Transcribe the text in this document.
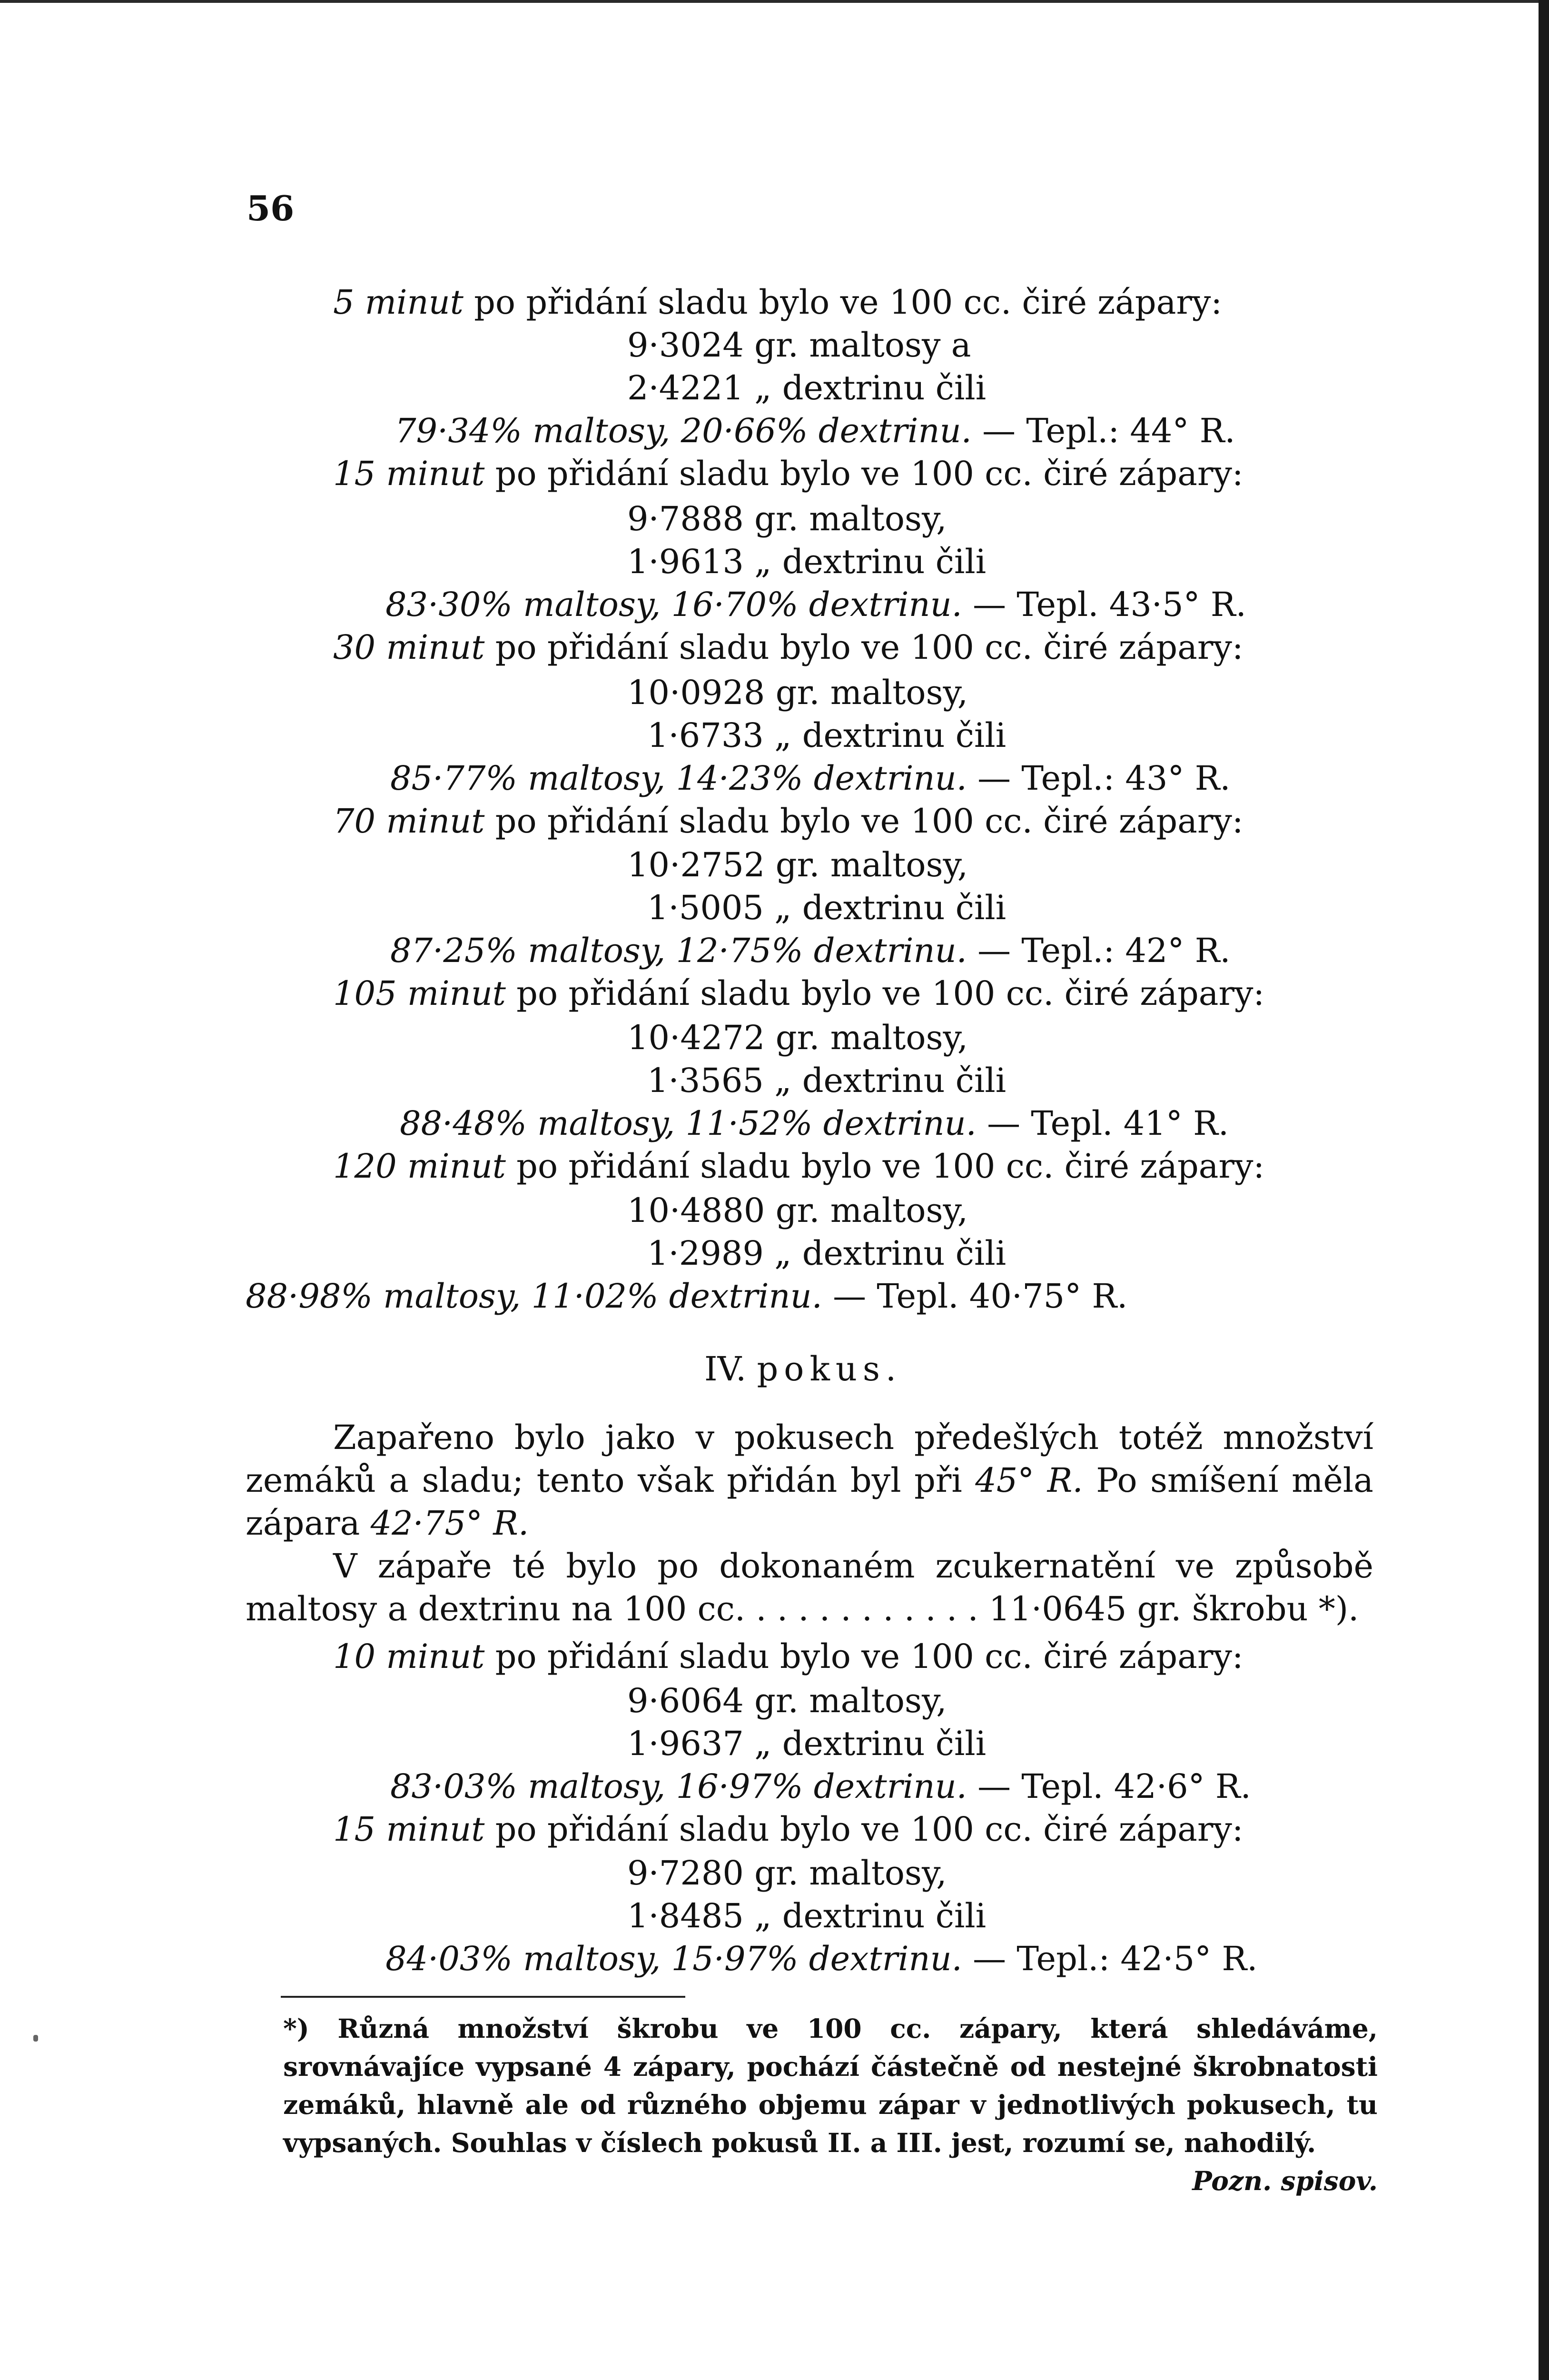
56
5 minut po přidání sladu bylo ve 100 cc. čiré zápary:
9·3024 gr. maltosy a
2·4221 „ dextrinu čili
79·34% maltosy, 20·66% dextrinu. — Tepl.: 44° R.
15 minut po přidání sladu bylo ve 100 cc. čiré zápary:
9·7888 gr. maltosy,
1·9613 „ dextrinu čili
83·30% maltosy, 16·70% dextrinu. — Tepl. 43·5° R.
30 minut po přidání sladu bylo ve 100 cc. čiré zápary:
10·0928 gr. maltosy,
1·6733 „ dextrinu čili
85·77% maltosy, 14·23% dextrinu. — Tepl.: 43° R.
70 minut po přidání sladu bylo ve 100 cc. čiré zápary:
10·2752 gr. maltosy,
1·5005 „ dextrinu čili
87·25% maltosy, 12·75% dextrinu. — Tepl.: 42° R.
105 minut po přidání sladu bylo ve 100 cc. čiré zápary:
10·4272 gr. maltosy,
1·3565 „ dextrinu čili
88·48% maltosy, 11·52% dextrinu. — Tepl. 41° R.
120 minut po přidání sladu bylo ve 100 cc. čiré zápary:
10·4880 gr. maltosy,
1·2989 „ dextrinu čili
88·98% maltosy, 11·02% dextrinu. — Tepl. 40·75° R.
IV. pokus.
Zapařeno bylo jako v pokusech předešlých totéž množství zemáků a sladu; tento však přidán byl při 45° R. Po smíšení měla zápara 42·75° R.
V zápaře té bylo po dokonaném zcukernatění ve způsobě maltosy a dextrinu na 100 cc. . . . . . . . . . . . 11·0645 gr. škrobu *).
10 minut po přidání sladu bylo ve 100 cc. čiré zápary:
9·6064 gr. maltosy,
1·9637 „ dextrinu čili
83·03% maltosy, 16·97% dextrinu. — Tepl. 42·6° R.
15 minut po přidání sladu bylo ve 100 cc. čiré zápary:
9·7280 gr. maltosy,
1·8485 „ dextrinu čili
84·03% maltosy, 15·97% dextrinu. — Tepl.: 42·5° R.
*) Různá množství škrobu ve 100 cc. zápary, která shledáváme, srovnávajíce vypsané 4 zápary, pochází částečně od nestejné škrobnatosti zemáků, hlavně ale od různého objemu zápar v jednotlivých pokusech, tu vypsaných. Souhlas v číslech pokusů II. a III. jest, rozumí se, nahodilý.
Pozn. spisov.
